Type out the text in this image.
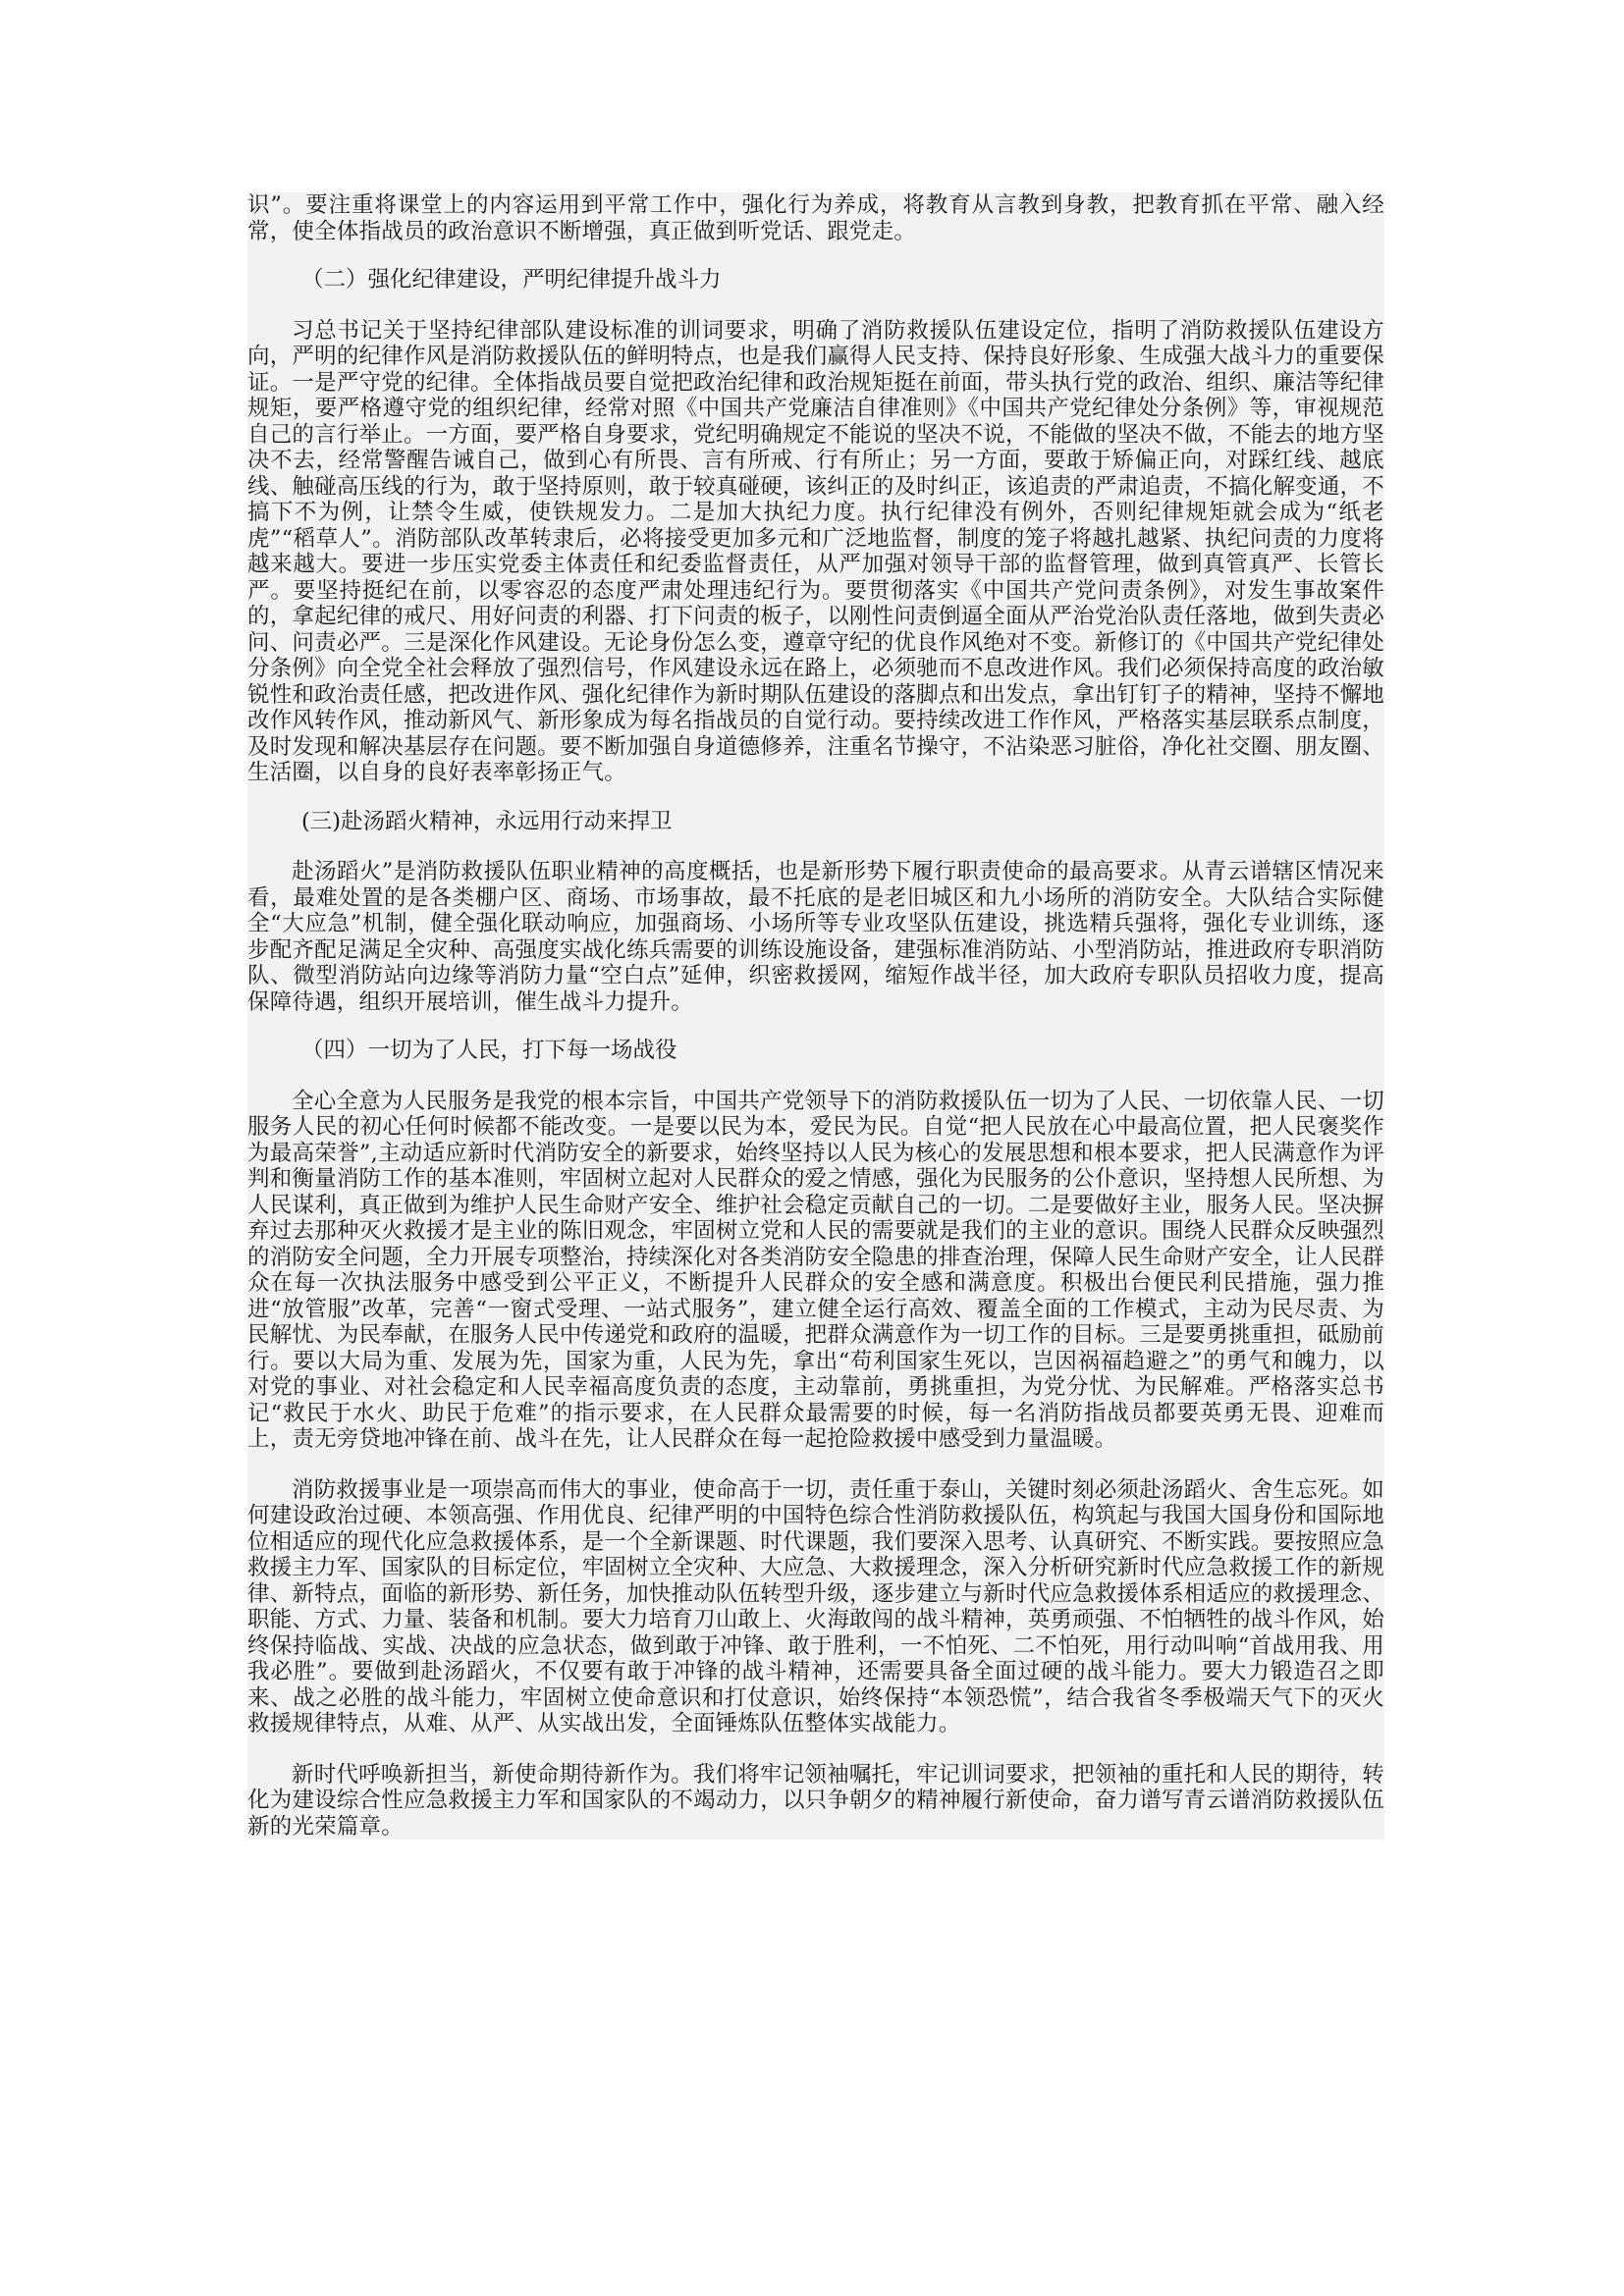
识”。要注重将课堂上的内容运用到平常工作中，强化行为养成，将教育从言教到身教，把教育抓在平常、融入经常，使全体指战员的政治意识不断增强，真正做到听党话、跟党走。

（二）强化纪律建设，严明纪律提升战斗力

习总书记关于坚持纪律部队建设标准的训词要求，明确了消防救援队伍建设定位，指明了消防救援队伍建设方向，严明的纪律作风是消防救援队伍的鲜明特点，也是我们赢得人民支持、保持良好形象、生成强大战斗力的重要保证。一是严守党的纪律。全体指战员要自觉把政治纪律和政治规矩挺在前面，带头执行党的政治、组织、廉洁等纪律规矩，要严格遵守党的组织纪律，经常对照《中国共产党廉洁自律准则》《中国共产党纪律处分条例》等，审视规范自己的言行举止。一方面，要严格自身要求，党纪明确规定不能说的坚决不说，不能做的坚决不做，不能去的地方坚决不去，经常警醒告诫自己，做到心有所畏、言有所戒、行有所止；另一方面，要敢于矫偏正向，对踩红线、越底线、触碰高压线的行为，敢于坚持原则，敢于较真碰硬，该纠正的及时纠正，该追责的严肃追责，不搞化解变通，不搞下不为例，让禁令生威，使铁规发力。二是加大执纪力度。执行纪律没有例外，否则纪律规矩就会成为“纸老虎”“稻草人”。消防部队改革转隶后，必将接受更加多元和广泛地监督，制度的笼子将越扎越紧、执纪问责的力度将越来越大。要进一步压实党委主体责任和纪委监督责任，从严加强对领导干部的监督管理，做到真管真严、长管长严。要坚持挺纪在前，以零容忍的态度严肃处理违纪行为。要贯彻落实《中国共产党问责条例》，对发生事故案件的，拿起纪律的戒尺、用好问责的利器、打下问责的板子，以刚性问责倒逼全面从严治党治队责任落地，做到失责必问、问责必严。三是深化作风建设。无论身份怎么变，遵章守纪的优良作风绝对不变。新修订的《中国共产党纪律处分条例》向全党全社会释放了强烈信号，作风建设永远在路上，必须驰而不息改进作风。我们必须保持高度的政治敏锐性和政治责任感，把改进作风、强化纪律作为新时期队伍建设的落脚点和出发点，拿出钉钉子的精神，坚持不懈地改作风转作风，推动新风气、新形象成为每名指战员的自觉行动。要持续改进工作作风，严格落实基层联系点制度，及时发现和解决基层存在问题。要不断加强自身道德修养，注重名节操守，不沾染恶习脏俗，净化社交圈、朋友圈、生活圈，以自身的良好表率彰扬正气。

(三)赴汤蹈火精神，永远用行动来捍卫

赴汤蹈火”是消防救援队伍职业精神的高度概括，也是新形势下履行职责使命的最高要求。从青云谱辖区情况来看，最难处置的是各类棚户区、商场、市场事故，最不托底的是老旧城区和九小场所的消防安全。大队结合实际健全“大应急”机制，健全强化联动响应，加强商场、小场所等专业攻坚队伍建设，挑选精兵强将，强化专业训练，逐步配齐配足满足全灾种、高强度实战化练兵需要的训练设施设备，建强标准消防站、小型消防站，推进政府专职消防队、微型消防站向边缘等消防力量“空白点”延伸，织密救援网，缩短作战半径，加大政府专职队员招收力度，提高保障待遇，组织开展培训，催生战斗力提升。

（四）一切为了人民，打下每一场战役

全心全意为人民服务是我党的根本宗旨，中国共产党领导下的消防救援队伍一切为了人民、一切依靠人民、一切服务人民的初心任何时候都不能改变。一是要以民为本，爱民为民。自觉“把人民放在心中最高位置，把人民褒奖作为最高荣誉”,主动适应新时代消防安全的新要求，始终坚持以人民为核心的发展思想和根本要求，把人民满意作为评判和衡量消防工作的基本准则，牢固树立起对人民群众的爱之情感，强化为民服务的公仆意识，坚持想人民所想、为人民谋利，真正做到为维护人民生命财产安全、维护社会稳定贡献自己的一切。二是要做好主业，服务人民。坚决摒弃过去那种灭火救援才是主业的陈旧观念，牢固树立党和人民的需要就是我们的主业的意识。围绕人民群众反映强烈的消防安全问题，全力开展专项整治，持续深化对各类消防安全隐患的排查治理，保障人民生命财产安全，让人民群众在每一次执法服务中感受到公平正义，不断提升人民群众的安全感和满意度。积极出台便民利民措施，强力推进“放管服”改革，完善“一窗式受理、一站式服务”，建立健全运行高效、覆盖全面的工作模式，主动为民尽责、为民解忧、为民奉献，在服务人民中传递党和政府的温暖，把群众满意作为一切工作的目标。三是要勇挑重担，砥励前行。要以大局为重、发展为先，国家为重，人民为先，拿出“苟利国家生死以，岂因祸福趋避之”的勇气和魄力，以对党的事业、对社会稳定和人民幸福高度负责的态度，主动靠前，勇挑重担，为党分忧、为民解难。严格落实总书记“救民于水火、助民于危难”的指示要求，在人民群众最需要的时候，每一名消防指战员都要英勇无畏、迎难而上，责无旁贷地冲锋在前、战斗在先，让人民群众在每一起抢险救援中感受到力量温暖。

消防救援事业是一项崇高而伟大的事业，使命高于一切，责任重于泰山，关键时刻必须赴汤蹈火、舍生忘死。如何建设政治过硬、本领高强、作用优良、纪律严明的中国特色综合性消防救援队伍，构筑起与我国大国身份和国际地位相适应的现代化应急救援体系，是一个全新课题、时代课题，我们要深入思考、认真研究、不断实践。要按照应急救援主力军、国家队的目标定位，牢固树立全灾种、大应急、大救援理念，深入分析研究新时代应急救援工作的新规律、新特点，面临的新形势、新任务，加快推动队伍转型升级，逐步建立与新时代应急救援体系相适应的救援理念、职能、方式、力量、装备和机制。要大力培育刀山敢上、火海敢闯的战斗精神，英勇顽强、不怕牺牲的战斗作风，始终保持临战、实战、决战的应急状态，做到敢于冲锋、敢于胜利，一不怕死、二不怕死，用行动叫响“首战用我、用我必胜”。要做到赴汤蹈火，不仅要有敢于冲锋的战斗精神，还需要具备全面过硬的战斗能力。要大力锻造召之即来、战之必胜的战斗能力，牢固树立使命意识和打仗意识，始终保持“本领恐慌”，结合我省冬季极端天气下的灭火救援规律特点，从难、从严、从实战出发，全面锤炼队伍整体实战能力。

新时代呼唤新担当，新使命期待新作为。我们将牢记领袖嘱托，牢记训词要求，把领袖的重托和人民的期待，转化为建设综合性应急救援主力军和国家队的不竭动力，以只争朝夕的精神履行新使命，奋力谱写青云谱消防救援队伍新的光荣篇章。
